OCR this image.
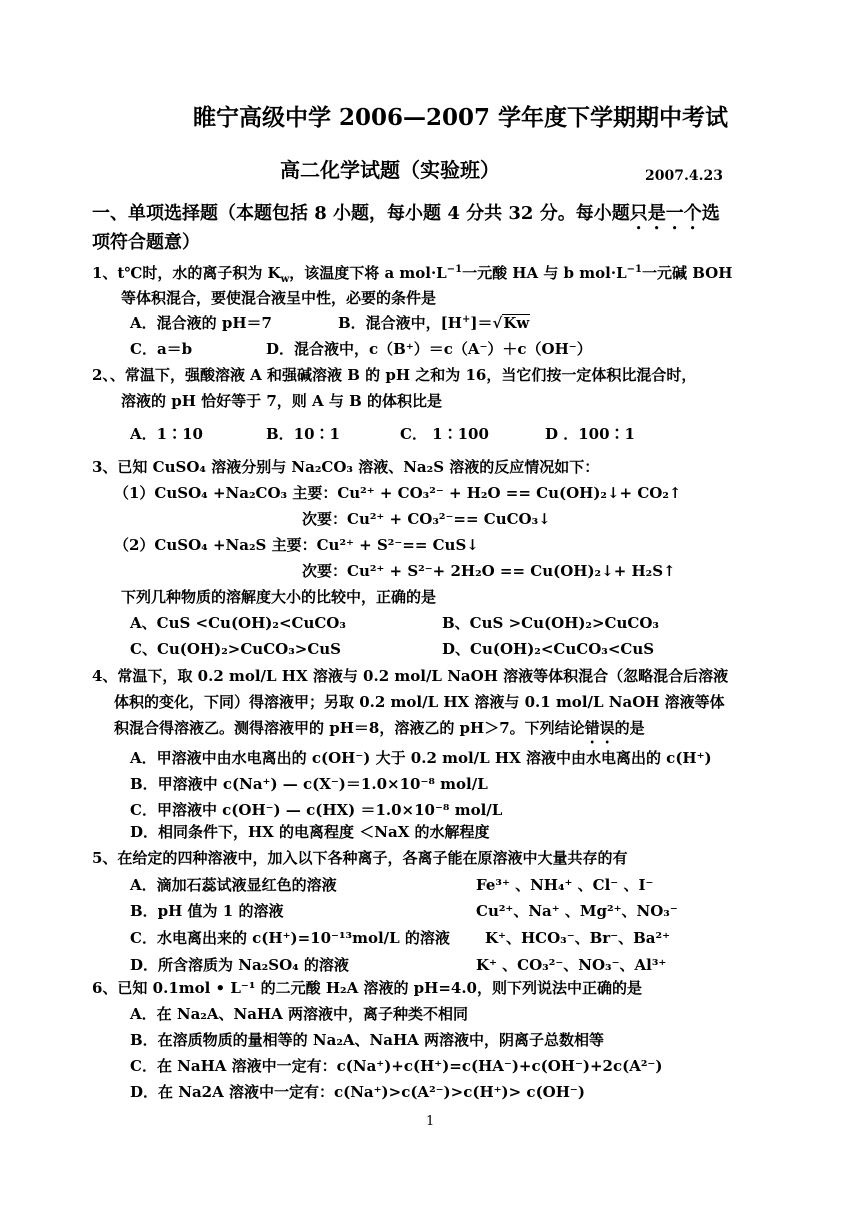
睢宁高级中学 2006—2007 学年度下学期期中考试
高二化学试题（实验班）	2007.4.23
一、单项选择题（本题包括 8 小题，每小题 4 分共 32 分。每小题只是一个选
项符合题意）
1、t℃时，水的离子积为 $K_w$，该温度下将 a $mol\cdot L^{-1}$一元酸 HA 与 b $mol\cdot L^{-1}$一元碱 BOH
等体积混合，要使混合液呈中性，必要的条件是
A．混合液的 pH＝7	B．混合液中，[H+]＝√Kw
C．a＝b	D．混合液中，c（B⁺）＝c（A⁻）＋c（OH⁻）
2、、常温下，强酸溶液 A 和强碱溶液 B 的 pH 之和为 16，当它们按一定体积比混合时，
溶液的 pH 恰好等于 7，则 A 与 B 的体积比是
A．1∶10	B．10∶1	C． 1∶100	D ．100∶1
3、已知 CuSO₄ 溶液分别与 Na₂CO₃ 溶液、Na₂S 溶液的反应情况如下：
（1）CuSO₄ +Na₂CO₃ 主要：Cu²⁺ + CO₃²⁻ + H₂O == Cu(OH)₂↓+ CO₂↑
次要：Cu²⁺ + CO₃²⁻== CuCO₃↓
（2）CuSO₄ +Na₂S 主要：Cu²⁺ + S²⁻== CuS↓
次要：Cu²⁺ + S²⁻+ 2H₂O == Cu(OH)₂↓+ H₂S↑
下列几种物质的溶解度大小的比较中，正确的是
A、CuS <Cu(OH)₂<CuCO₃	B、CuS >Cu(OH)₂>CuCO₃
C、Cu(OH)₂>CuCO₃>CuS	D、Cu(OH)₂<CuCO₃<CuS
4、常温下，取 0.2 mol/L HX 溶液与 0.2 mol/L NaOH 溶液等体积混合（忽略混合后溶液
体积的变化，下同）得溶液甲；另取 0.2 mol/L HX 溶液与 0.1 mol/L NaOH 溶液等体
积混合得溶液乙。测得溶液甲的 pH＝8，溶液乙的 pH＞7。下列结论错误的是
A．甲溶液中由水电离出的 c(OH⁻) 大于 0.2 mol/L HX 溶液中由水电离出的 c(H⁺)
B．甲溶液中 c(Na⁺) — c(X⁻)＝1.0×10⁻⁸ mol/L
C．甲溶液中 c(OH⁻) — c(HX) ＝1.0×10⁻⁸ mol/L
D．相同条件下，HX 的电离程度 ＜NaX 的水解程度
5、在给定的四种溶液中，加入以下各种离子，各离子能在原溶液中大量共存的有
A．滴加石蕊试液显红色的溶液	Fe³⁺ 、NH₄⁺ 、Cl⁻ 、I⁻
B．pH 值为 1 的溶液	Cu²⁺、Na⁺ 、Mg²⁺、NO₃⁻
C．水电离出来的 c(H⁺)=10⁻¹³mol/L 的溶液 K⁺、HCO₃⁻、Br⁻、Ba²⁺
D．所含溶质为 Na₂SO₄ 的溶液	K⁺ 、CO₃²⁻、NO₃⁻、Al³⁺
6、已知 0.1mol • L⁻¹ 的二元酸 H₂A 溶液的 pH=4.0，则下列说法中正确的是
A．在 Na₂A、NaHA 两溶液中，离子种类不相同
B．在溶质物质的量相等的 Na₂A、NaHA 两溶液中，阴离子总数相等
C．在 NaHA 溶液中一定有：c(Na⁺)+c(H⁺)=c(HA⁻)+c(OH⁻)+2c(A²⁻)
D．在 Na2A 溶液中一定有：c(Na⁺)>c(A²⁻)>c(H⁺)> c(OH⁻)
1
